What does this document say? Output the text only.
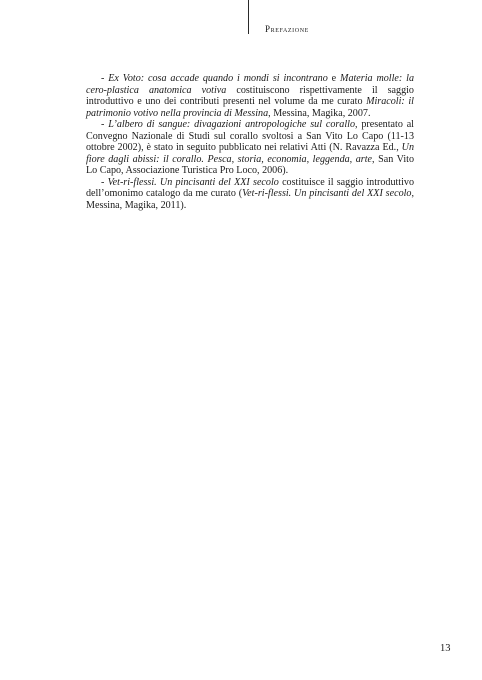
Prefazione

- Ex Voto: cosa accade quando i mondi si incontrano e Materia molle: la cero-plastica anatomica votiva costituiscono rispettivamente il saggio introduttivo e uno dei contributi presenti nel volume da me curato Miracoli: il patrimonio votivo nella provincia di Messina, Messina, Magika, 2007.

- L’albero di sangue: divagazioni antropologiche sul corallo, presentato al Convegno Nazionale di Studi sul corallo svoltosi a San Vito Lo Capo (11-13 ottobre 2002), è stato in seguito pubblicato nei relativi Atti (N. Ravazza Ed., Un fiore dagli abissi: il corallo. Pesca, storia, economia, leggenda, arte, San Vito Lo Capo, Associazione Turistica Pro Loco, 2006).

- Vet-ri-flessi. Un pincisanti del XXI secolo costituisce il saggio introduttivo dell’omonimo catalogo da me curato (Vet-ri-flessi. Un pincisanti del XXI secolo, Messina, Magika, 2011).

13
